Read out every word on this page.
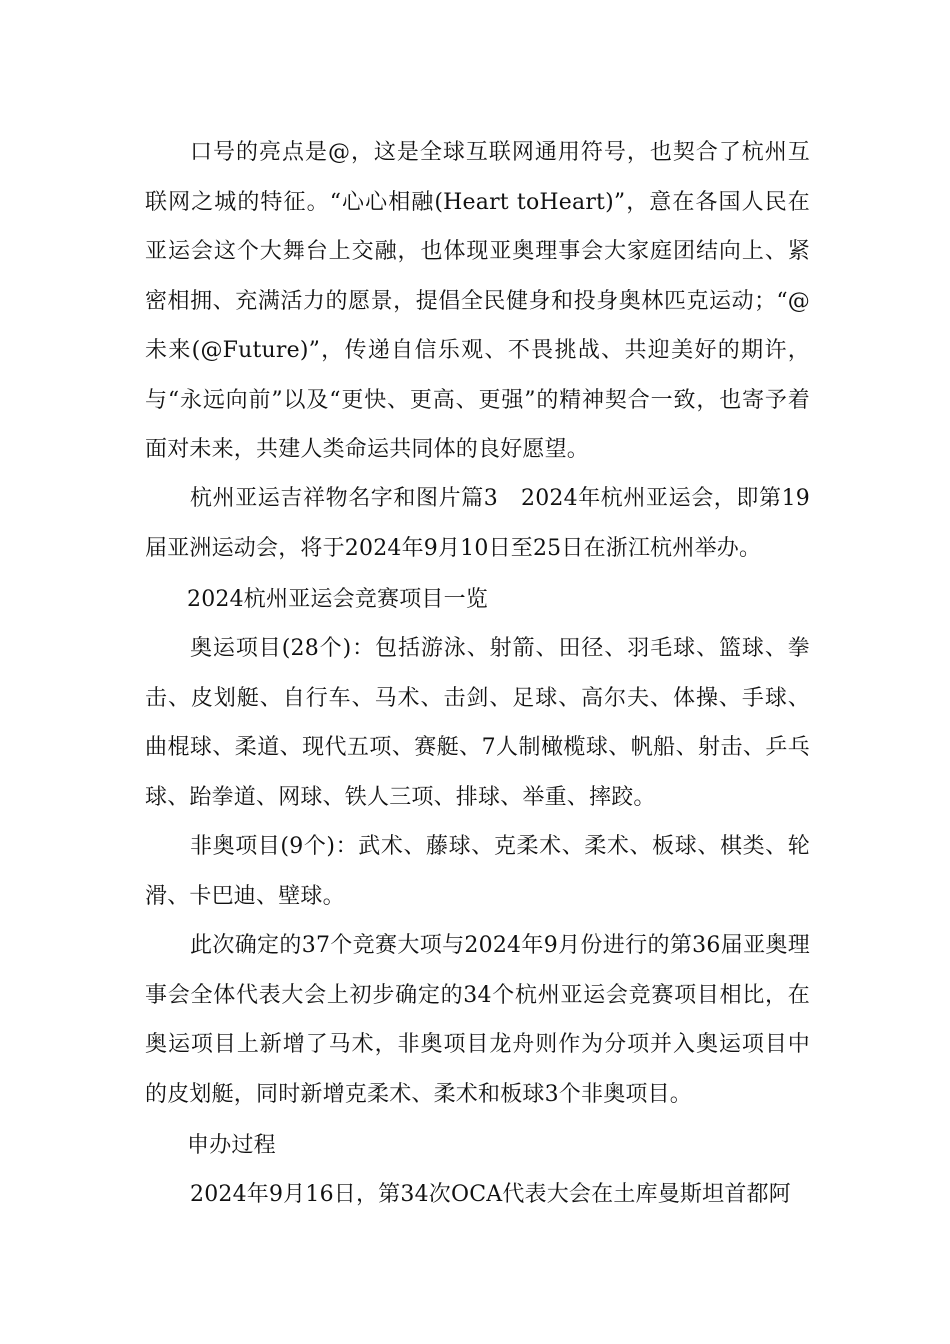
口号的亮点是@，这是全球互联网通用符号，也契合了杭州互联网之城的特征。“心心相融(Heart toHeart)”，意在各国人民在亚运会这个大舞台上交融，也体现亚奥理事会大家庭团结向上、紧密相拥、充满活力的愿景，提倡全民健身和投身奥林匹克运动；“@未来(@Future)”，传递自信乐观、不畏挑战、共迎美好的期许，与“永远向前”以及“更快、更高、更强”的精神契合一致，也寄予着面对未来，共建人类命运共同体的良好愿望。

杭州亚运吉祥物名字和图片篇3　2024年杭州亚运会，即第19届亚洲运动会，将于2024年9月10日至25日在浙江杭州举办。

2024杭州亚运会竞赛项目一览

奥运项目(28个)：包括游泳、射箭、田径、羽毛球、篮球、拳击、皮划艇、自行车、马术、击剑、足球、高尔夫、体操、手球、曲棍球、柔道、现代五项、赛艇、7人制橄榄球、帆船、射击、乒乓球、跆拳道、网球、铁人三项、排球、举重、摔跤。

非奥项目(9个)：武术、藤球、克柔术、柔术、板球、棋类、轮滑、卡巴迪、壁球。

此次确定的37个竞赛大项与2024年9月份进行的第36届亚奥理事会全体代表大会上初步确定的34个杭州亚运会竞赛项目相比，在奥运项目上新增了马术，非奥项目龙舟则作为分项并入奥运项目中的皮划艇，同时新增克柔术、柔术和板球3个非奥项目。

申办过程

2024年9月16日，第34次OCA代表大会在土库曼斯坦首都阿
